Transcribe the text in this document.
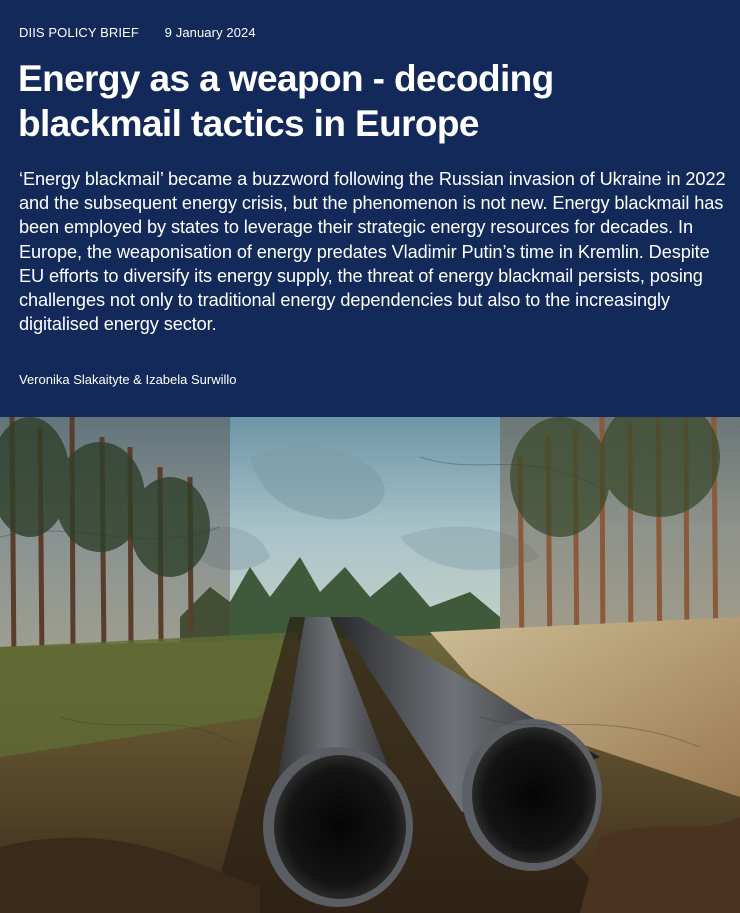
DIIS POLICY BRIEF 9 January 2024
Energy as a weapon - decoding blackmail tactics in Europe

‘Energy blackmail’ became a buzzword following the Russian invasion of Ukraine in 2022 and the subsequent energy crisis, but the phenomenon is not new. Energy blackmail has been employed by states to leverage their strategic energy resources for decades. In Europe, the weaponisation of energy predates Vladimir Putin’s time in Kremlin. Despite EU efforts to diversify its energy supply, the threat of energy blackmail persists, posing challenges not only to traditional energy dependencies but also to the increasingly digitalised energy sector.

Veronika Slakaityte & Izabela Surwillo
